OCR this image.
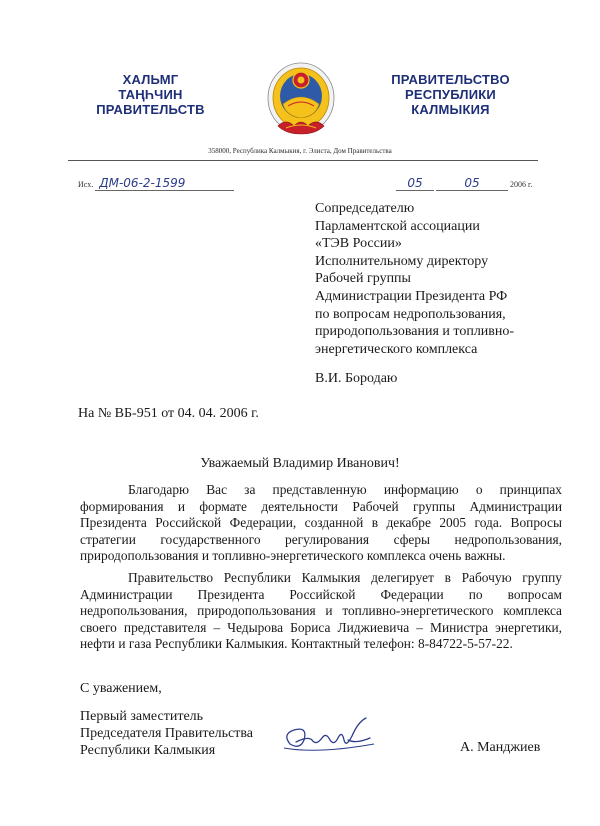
ХАЛЬМГ
ТАҢҺЧИН
ПРАВИТЕЛЬСТВ
ПРАВИТЕЛЬСТВО
РЕСПУБЛИКИ
КАЛМЫКИЯ
358000, Республика Калмыкия, г. Элиста, Дом Правительства
Исх. ДМ-06-2-1599	05	05	2006 г.
Сопредседателю
Парламентской ассоциации
«ТЭВ России»
Исполнительному директору
Рабочей группы
Администрации Президента РФ
по вопросам недропользования,
природопользования и топливно-
энергетического комплекса
В.И. Бородаю
На № ВБ-951 от 04. 04. 2006 г.
Уважаемый Владимир Иванович!

Благодарю Вас за представленную информацию о принципах формирования и формате деятельности Рабочей группы Администрации Президента Российской Федерации, созданной в декабре 2005 года. Вопросы стратегии государственного регулирования сферы недропользования, природопользования и топливно-энергетического комплекса очень важны.

Правительство Республики Калмыкия делегирует в Рабочую группу Администрации Президента Российской Федерации по вопросам недропользования, природопользования и топливно-энергетического комплекса своего представителя – Чедырова Бориса Лиджиевича – Министра энергетики, нефти и газа Республики Калмыкия. Контактный телефон: 8-84722-5-57-22.

С уважением,
Первый заместитель
Председателя Правительства
Республики Калмыкия	А. Манджиев
